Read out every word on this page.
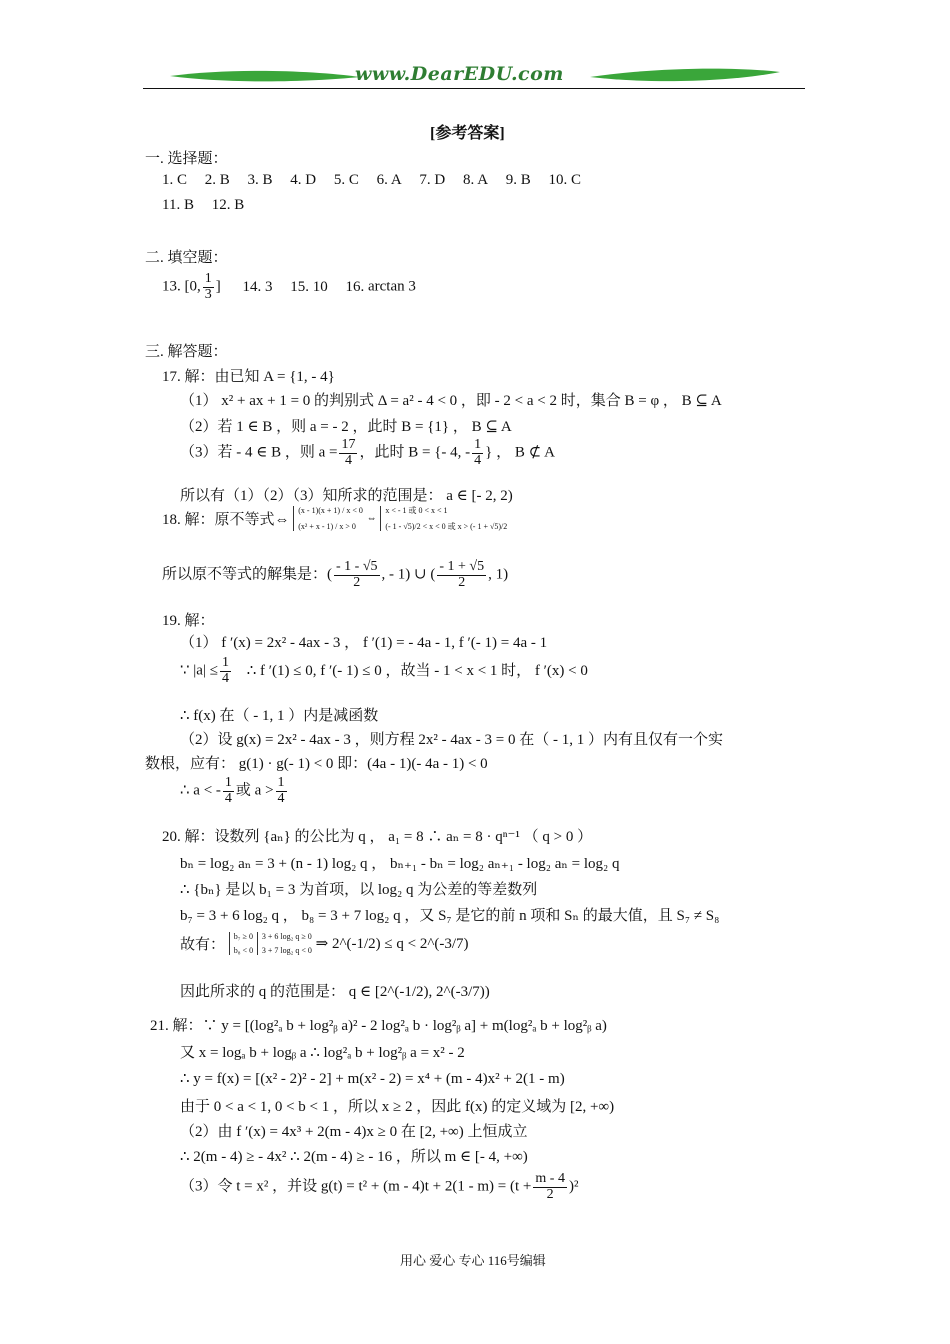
www.DearEDU.com
[参考答案]
一. 选择题：
1. C 2. B 3. B 4. D 5. C 6. A 7. D 8. A 9. B 10. C
11. B 12. B
二. 填空题：
13. [0, $\frac{1}{3}$ ] 14. 3 15. 10 16. arctan 3
三. 解答题：
17. 解：由已知 A = {1, - 4}
（1） x² + ax + 1 = 0 的判别式 Δ = a² - 4 < 0 ，即 - 2 < a < 2 时，集合 B = φ ， B ⊆ A
（2）若 1 ∈ B ，则 a = - 2 ，此时 B = {1} ， B ⊆ A
（3）若 - 4 ∈ B ，则 $a = \frac{17}{4}$ ，此时 B = {- 4, - $\frac{1}{4}$ } ， B ⊄ A
所以有（1）（2）（3）知所求的范围是： a ∈ [- 2, 2)
18. 解：原不等式⇔
(x - 1)(x + 1) / x < 0
(x² + x - 1) / x > 0
⇔
x < - 1 或 0 < x < 1
(- 1 - √5)/2 < x < 0 或 x > (- 1 + √5)/2
所以原不等式的解集是：( $\frac{- 1 - √5}{2}$ , - 1) ∪ ( $\frac{- 1 + √5}{2}$ , 1)
19. 解：
（1） f ′(x) = 2x² - 4ax - 3 ， f ′(1) = - 4a - 1, f ′(- 1) = 4a - 1
∵ $|a| \le \frac{1}{4}$ ∴ f ′(1) ≤ 0, f ′(- 1) ≤ 0 ，故当 - 1 < x < 1 时， f ′(x) < 0
∴ f(x) 在（ - 1, 1 ）内是减函数
（2）设 g(x) = 2x² - 4ax - 3 ，则方程 2x² - 4ax - 3 = 0 在（ - 1, 1 ）内有且仅有一个实
数根，应有： g(1) · g(- 1) < 0 即：(4a - 1)(- 4a - 1) < 0
∴ a < - $\frac{1}{4}$ 或 $a > \frac{1}{4}$
20. 解：设数列 {aₙ} 的公比为 q ， a₁ = 8 ∴ aₙ = 8 · qⁿ⁻¹ （ q > 0 ）
bₙ = log₂ aₙ = 3 + (n - 1) log₂ q ， bₙ₊₁ - bₙ = log₂ aₙ₊₁ - log₂ aₙ = log₂ q
∴ {bₙ} 是以 b₁ = 3 为首项，以 log₂ q 为公差的等差数列
b₇ = 3 + 6 log₂ q ， b₈ = 3 + 7 log₂ q ，又 S₇ 是它的前 n 项和 Sₙ 的最大值，且 S₇ ≠ S₈
故有：
b₇ ≥ 0
b₈ < 0

3 + 6 log₂ q ≥ 0
3 + 7 log₂ q < 0 ⇒ 2^(-1/2) ≤ q < 2^(-3/7)
因此所求的 q 的范围是： q ∈ [2^(-1/2), 2^(-3/7))
21. 解：∵ y = [(log²ₐ b + log²ᵦ a)² - 2 log²ₐ b · log²ᵦ a] + m(log²ₐ b + log²ᵦ a)
又 x = logₐ b + logᵦ a ∴ log²ₐ b + log²ᵦ a = x² - 2
∴ y = f(x) = [(x² - 2)² - 2] + m(x² - 2) = x⁴ + (m - 4)x² + 2(1 - m)
由于 0 < a < 1, 0 < b < 1 ，所以 x ≥ 2 ，因此 f(x) 的定义域为 [2, +∞)
（2）由 f ′(x) = 4x³ + 2(m - 4)x ≥ 0 在 [2, +∞) 上恒成立
∴ 2(m - 4) ≥ - 4x² ∴ 2(m - 4) ≥ - 16 ，所以 m ∈ [- 4, +∞)
（3）令 t = x² ，并设 $g(t) = t^2 + (m - 4)t + 2(1 - m) = (t + \frac{m - 4}{2} )^2$
用心 爱心 专心 116号编辑
